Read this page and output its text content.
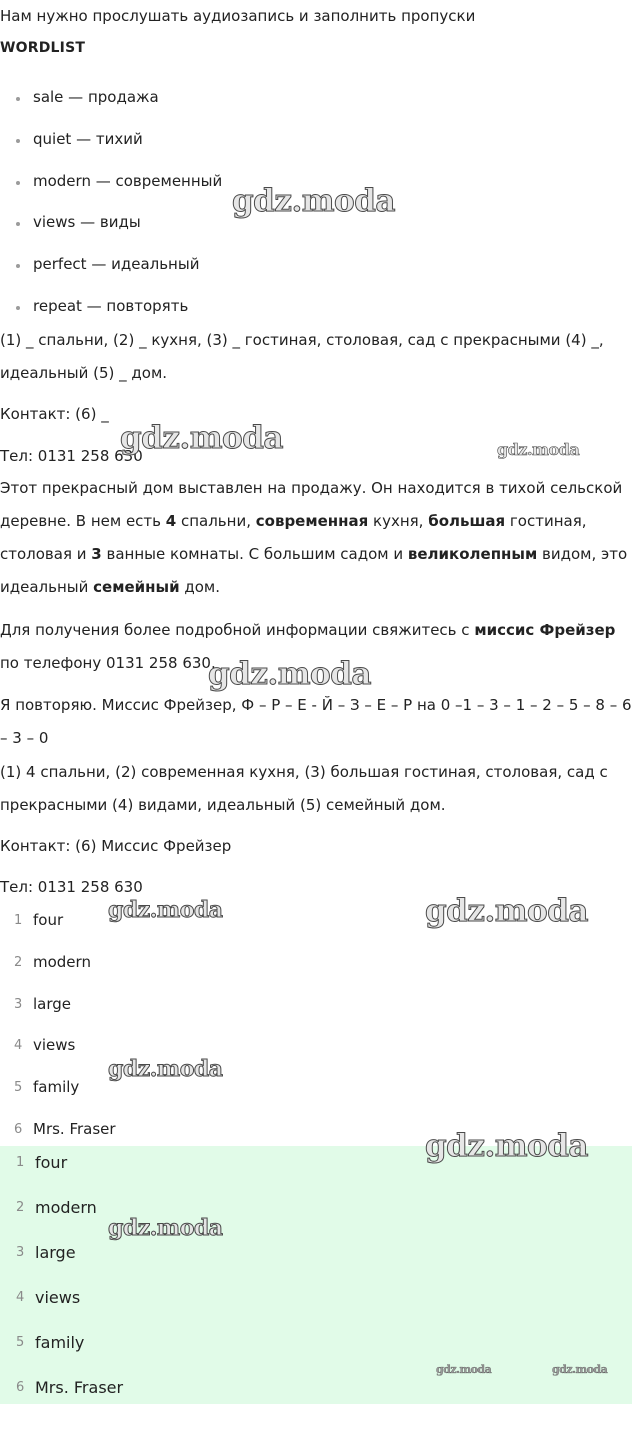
Нам нужно прослушать аудиозапись и заполнить пропуски
WORDLIST
sale — продажа
quiet — тихий
modern — современный
views — виды
perfect — идеальный
repeat — повторять

(1) _ спальни, (2) _ кухня, (3) _ гостиная, столовая, сад с прекрасными (4) _, идеальный (5) _ дом.

Контакт: (6) _

Тел: 0131 258 630

Этот прекрасный дом выставлен на продажу. Он находится в тихой сельской деревне. В нем есть 4 спальни, современная кухня, большая гостиная, столовая и 3 ванные комнаты. С большим садом и великолепным видом, это идеальный семейный дом.

Для получения более подробной информации свяжитесь с миссис Фрейзер по телефону 0131 258 630.

Я повторяю. Миссис Фрейзер, Ф – Р – Е - Й – З – Е – Р на 0 –1 – 3 – 1 – 2 – 5 – 8 – 6 – 3 – 0

(1) 4 спальни, (2) современная кухня, (3) большая гостиная, столовая, сад с прекрасными (4) видами, идеальный (5) семейный дом.

Контакт: (6) Миссис Фрейзер

Тел: 0131 258 630

1 four
2 modern
3 large
4 views
5 family
6 Mrs. Fraser
1 four
2 modern
3 large
4 views
5 family
6 Mrs. Fraser
gdz.moda
gdz.moda	gdz.moda
gdz.moda
gdz.moda	gdz.moda
gdz.moda
gdz.moda
gdz.moda
gdz.moda	gdz.moda
